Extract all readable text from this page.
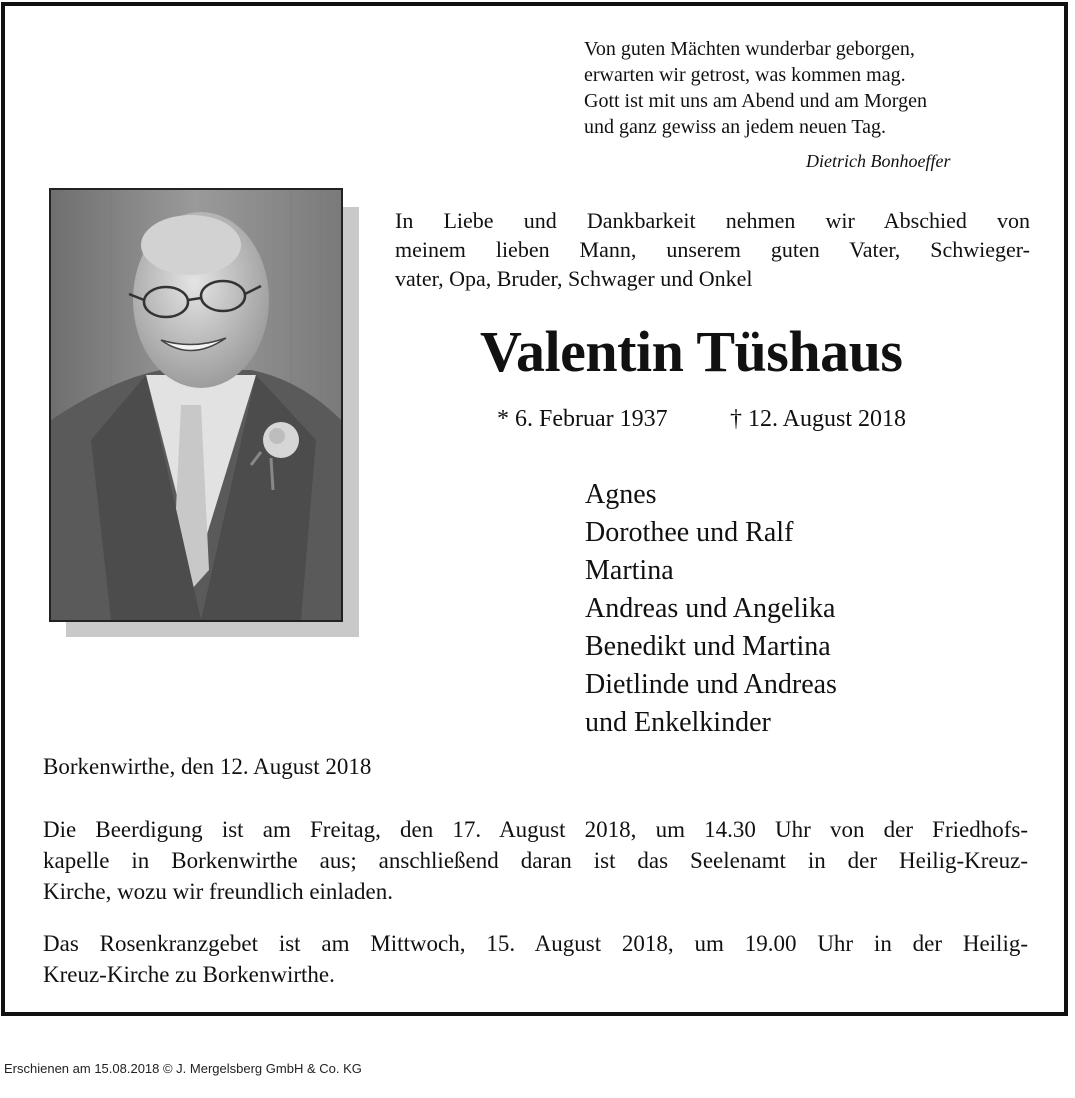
Von guten Mächten wunderbar geborgen,
erwarten wir getrost, was kommen mag.
Gott ist mit uns am Abend und am Morgen
und ganz gewiss an jedem neuen Tag.
Dietrich Bonhoeffer
In Liebe und Dankbarkeit nehmen wir Abschied von
meinem lieben Mann, unserem guten Vater, Schwieger-
vater, Opa, Bruder, Schwager und Onkel
Valentin Tüshaus
* 6. Februar 1937	† 12. August 2018
Agnes
Dorothee und Ralf
Martina
Andreas und Angelika
Benedikt und Martina
Dietlinde und Andreas
und Enkelkinder
Borkenwirthe, den 12. August 2018
Die Beerdigung ist am Freitag, den 17. August 2018, um 14.30 Uhr von der Friedhofs-
kapelle in Borkenwirthe aus; anschließend daran ist das Seelenamt in der Heilig-Kreuz-
Kirche, wozu wir freundlich einladen.
Das Rosenkranzgebet ist am Mittwoch, 15. August 2018, um 19.00 Uhr in der Heilig-
Kreuz-Kirche zu Borkenwirthe.
Erschienen am 15.08.2018 © J. Mergelsberg GmbH & Co. KG
